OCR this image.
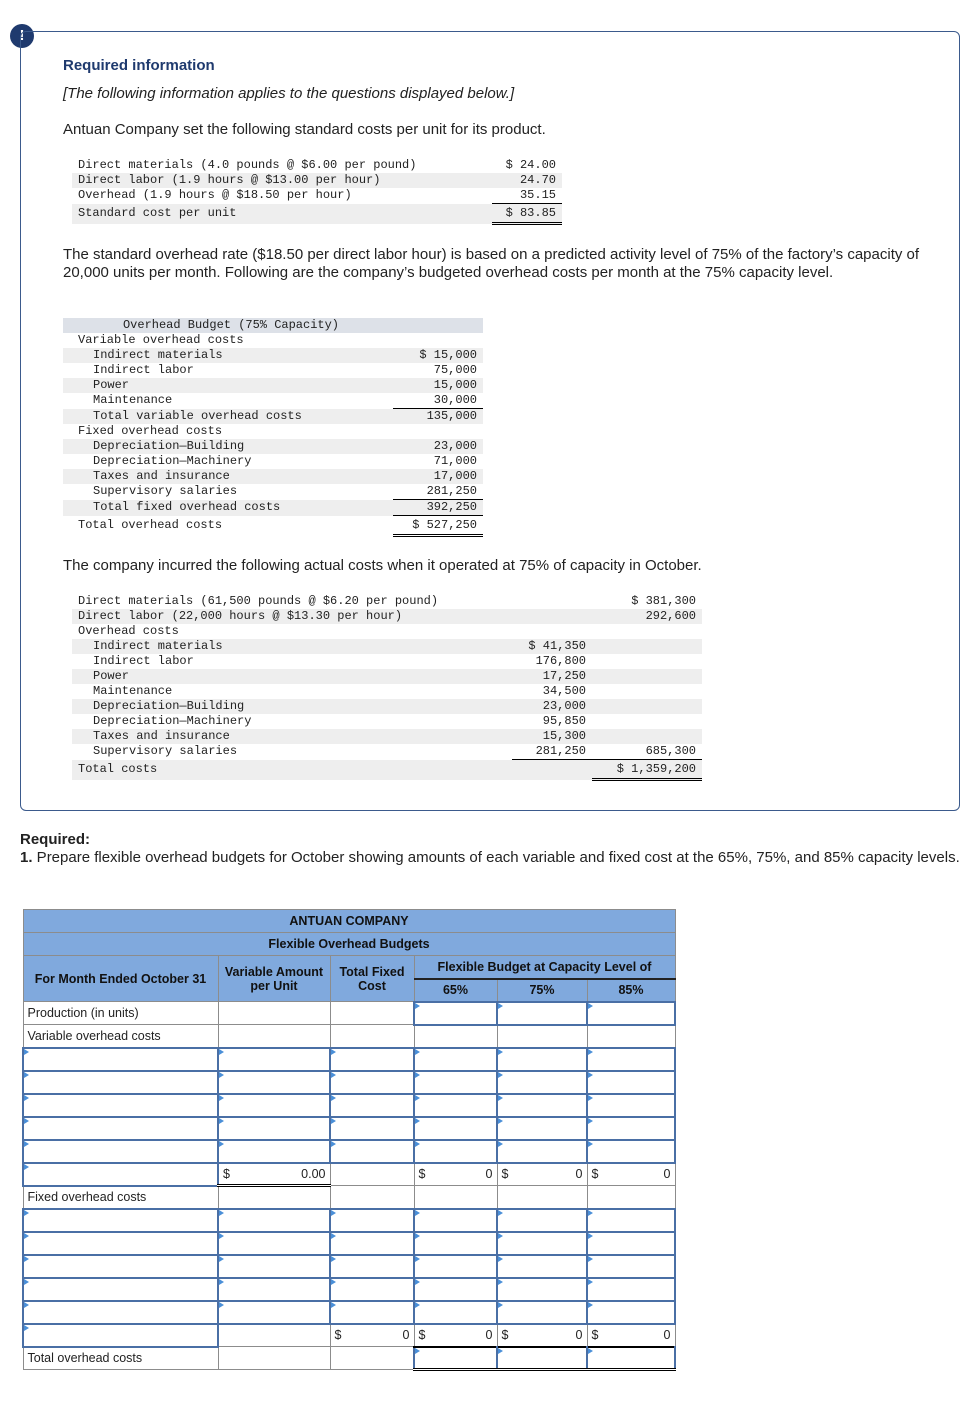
!
Required information
[The following information applies to the questions displayed below.]
Antuan Company set the following standard costs per unit for its product.
Direct materials (4.0 pounds @ $6.00 per pound)	$ 24.00
Direct labor (1.9 hours @ $13.00 per hour)	24.70
Overhead (1.9 hours @ $18.50 per hour)	35.15
Standard cost per unit	$ 83.85
The standard overhead rate ($18.50 per direct labor hour) is based on a predicted activity level of 75% of the factory’s capacity of 20,000 units per month. Following are the company’s budgeted overhead costs per month at the 75% capacity level.
Overhead Budget (75% Capacity)	
Variable overhead costs	
Indirect materials	$ 15,000
Indirect labor	75,000
Power	15,000
Maintenance	30,000
Total variable overhead costs	135,000
Fixed overhead costs	
Depreciation—Building	23,000
Depreciation—Machinery	71,000
Taxes and insurance	17,000
Supervisory salaries	281,250
Total fixed overhead costs	392,250
Total overhead costs	$ 527,250
The company incurred the following actual costs when it operated at 75% of capacity in October.
Direct materials (61,500 pounds @ $6.20 per pound)		$ 381,300
Direct labor (22,000 hours @ $13.30 per hour)		292,600
Overhead costs		
Indirect materials	$ 41,350	
Indirect labor	176,800	
Power	17,250	
Maintenance	34,500	
Depreciation—Building	23,000	
Depreciation—Machinery	95,850	
Taxes and insurance	15,300	
Supervisory salaries	281,250	685,300
Total costs		$ 1,359,200
Required:
1. Prepare flexible overhead budgets for October showing amounts of each variable and fixed cost at the 65%, 75%, and 85% capacity levels.
ANTUAN COMPANY					
Flexible Overhead Budgets					
For Month Ended October 31	Variable Amount per Unit	Total Fixed Cost	Flexible Budget at Capacity Level of		
			65%	75%	85%
Production (in units)					
Variable overhead costs					

	$ 0.00		$ 0	$ 0	$ 0

Fixed overhead costs					

		$ 0	$ 0	$ 0	$ 0

Total overhead costs					
